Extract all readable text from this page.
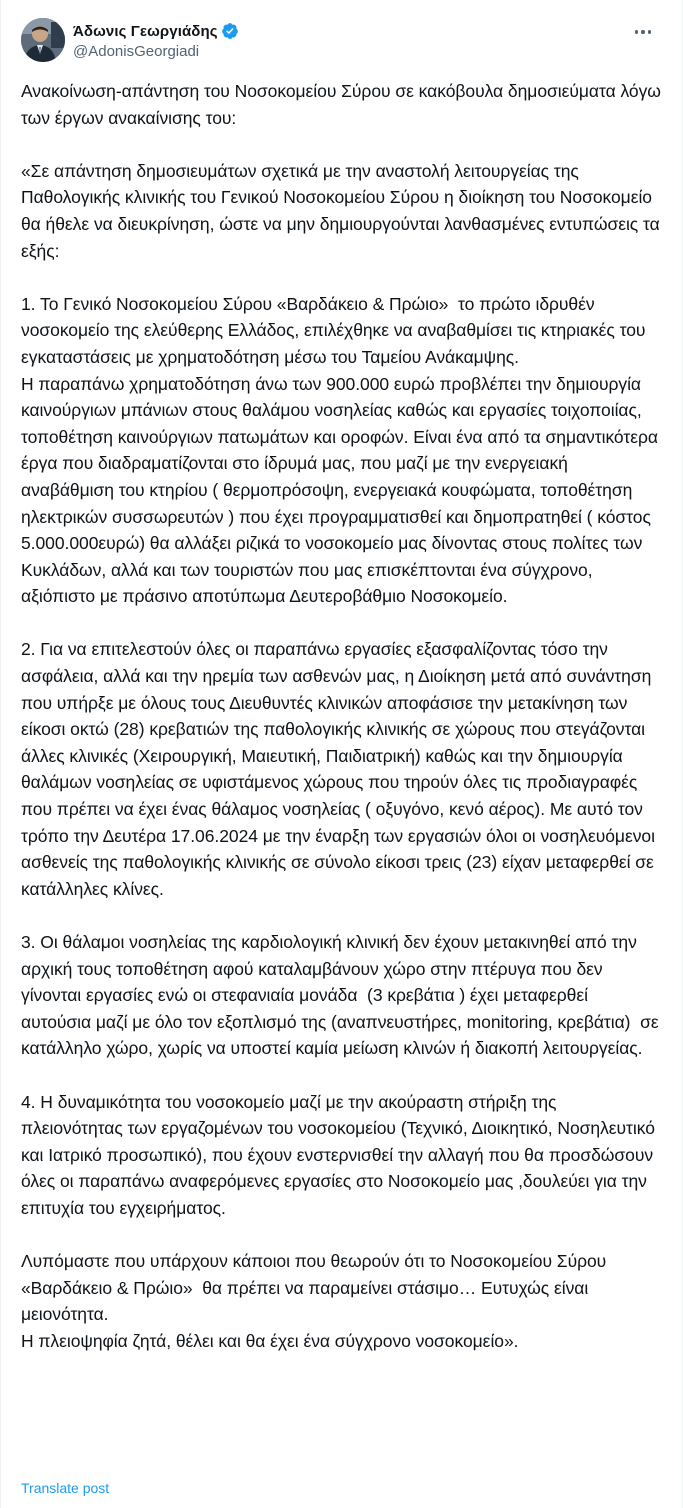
Άδωνις Γεωργιάδης
@AdonisGeorgiadi
Ανακοίνωση-απάντηση του Νοσοκομείου Σύρου σε κακόβουλα δημοσιεύματα λόγω των έργων ανακαίνισης του:

«Σε απάντηση δημοσιευμάτων σχετικά με την αναστολή λειτουργείας της Παθολογικής κλινικής του Γενικού Νοσοκομείου Σύρου η διοίκηση του Νοσοκομείο θα ήθελε να διευκρίνηση, ώστε να μην δημιουργούνται λανθασμένες εντυπώσεις τα εξής:

1. Το Γενικό Νοσοκομείου Σύρου «Βαρδάκειο & Πρώιο»  το πρώτο ιδρυθέν νοσοκομείο της ελεύθερης Ελλάδος, επιλέχθηκε να αναβαθμίσει τις κτηριακές του εγκαταστάσεις με χρηματοδότηση μέσω του Ταμείου Ανάκαμψης.
Η παραπάνω χρηματοδότηση άνω των 900.000 ευρώ προβλέπει την δημιουργία καινούργιων μπάνιων στους θαλάμου νοσηλείας καθώς και εργασίες τοιχοποιίας, τοποθέτηση καινούργιων πατωμάτων και οροφών. Είναι ένα από τα σημαντικότερα έργα που διαδραματίζονται στο ίδρυμά μας, που μαζί με την ενεργειακή αναβάθμιση του κτηρίου ( θερμοπρόσοψη, ενεργειακά κουφώματα, τοποθέτηση ηλεκτρικών συσσωρευτών ) που έχει προγραμματισθεί και δημοπρατηθεί ( κόστος 5.000.000ευρώ) θα αλλάξει ριζικά το νοσοκομείο μας δίνοντας στους πολίτες των Κυκλάδων, αλλά και των τουριστών που μας επισκέπτονται ένα σύγχρονο, αξιόπιστο με πράσινο αποτύπωμα Δευτεροβάθμιο Νοσοκομείο.

2. Για να επιτελεστούν όλες οι παραπάνω εργασίες εξασφαλίζοντας τόσο την ασφάλεια, αλλά και την ηρεμία των ασθενών μας, η Διοίκηση μετά από συνάντηση που υπήρξε με όλους τους Διευθυντές κλινικών αποφάσισε την μετακίνηση των είκοσι οκτώ (28) κρεβατιών της παθολογικής κλινικής σε χώρους που στεγάζονται άλλες κλινικές (Χειρουργική, Μαιευτική, Παιδιατρική) καθώς και την δημιουργία θαλάμων νοσηλείας σε υφιστάμενος χώρους που τηρούν όλες τις προδιαγραφές που πρέπει να έχει ένας θάλαμος νοσηλείας ( οξυγόνο, κενό αέρος). Με αυτό τον τρόπο την Δευτέρα 17.06.2024 με την έναρξη των εργασιών όλοι οι νοσηλευόμενοι ασθενείς της παθολογικής κλινικής σε σύνολο είκοσι τρεις (23) είχαν μεταφερθεί σε κατάλληλες κλίνες.

3. Οι θάλαμοι νοσηλείας της καρδιολογική κλινική δεν έχουν μετακινηθεί από την αρχική τους τοποθέτηση αφού καταλαμβάνουν χώρο στην πτέρυγα που δεν γίνονται εργασίες ενώ οι στεφανιαία μονάδα  (3 κρεβάτια ) έχει μεταφερθεί αυτούσια μαζί με όλο τον εξοπλισμό της (αναπνευστήρες, monitoring, κρεβάτια)  σε κατάλληλο χώρο, χωρίς να υποστεί καμία μείωση κλινών ή διακοπή λειτουργείας.

4. Η δυναμικότητα του νοσοκομείο μαζί με την ακούραστη στήριξη της πλειονότητας των εργαζομένων του νοσοκομείου (Τεχνικό, Διοικητικό, Νοσηλευτικό και Ιατρικό προσωπικό), που έχουν ενστερνισθεί την αλλαγή που θα προσδώσουν όλες οι παραπάνω αναφερόμενες εργασίες στο Νοσοκομείο μας ,δουλεύει για την επιτυχία του εγχειρήματος.

Λυπόμαστε που υπάρχουν κάποιοι που θεωρούν ότι το Νοσοκομείου Σύρου «Βαρδάκειο & Πρώιο»  θα πρέπει να παραμείνει στάσιμο… Ευτυχώς είναι μειονότητα.
Η πλειοψηφία ζητά, θέλει και θα έχει ένα σύγχρονο νοσοκομείο».
Translate post
